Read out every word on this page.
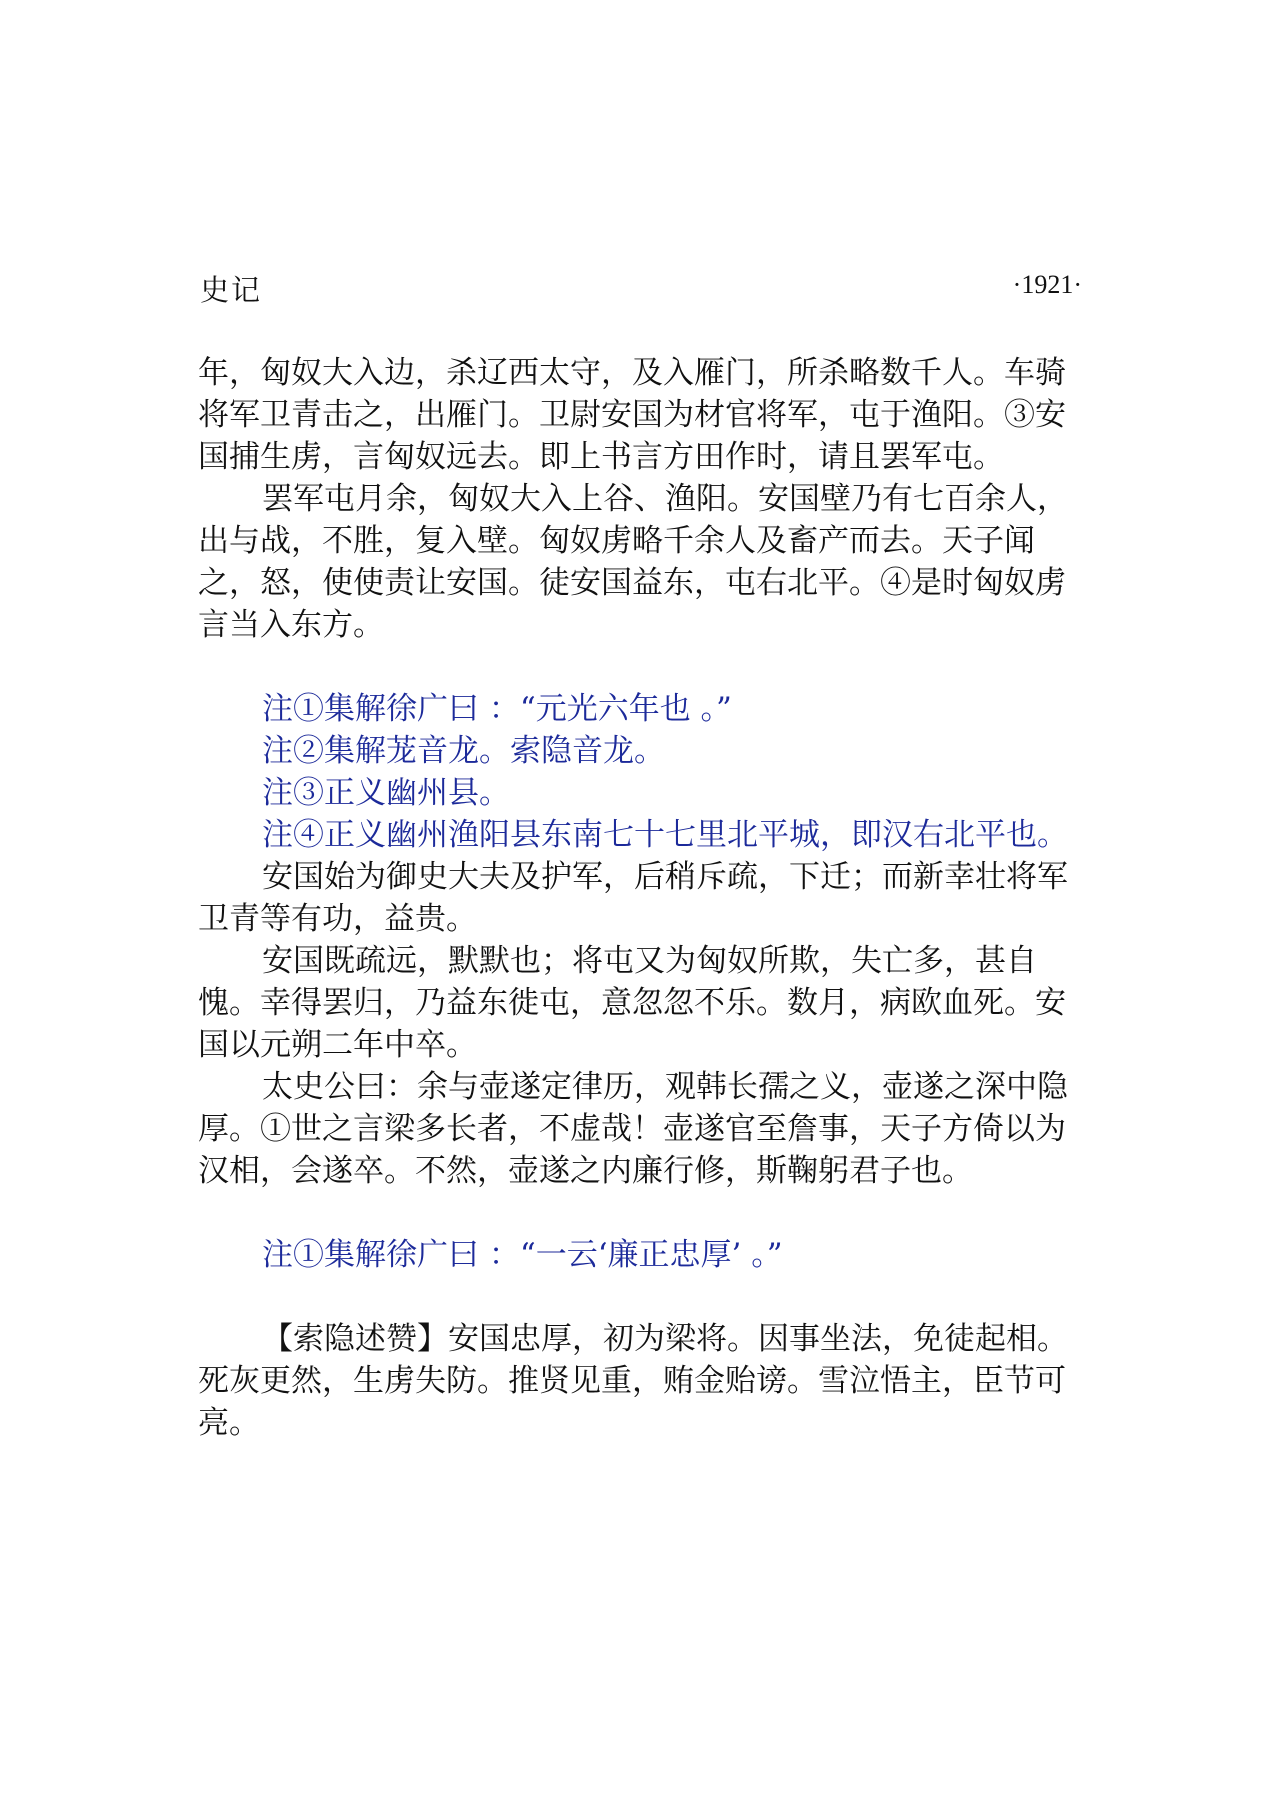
史记	·1921·

年，匈奴大入边，杀辽西太守，及入雁门，所杀略数千人。车骑将军卫青击之，出雁门。卫尉安国为材官将军，屯于渔阳。③安国捕生虏，言匈奴远去。即上书言方田作时，请且罢军屯。

罢军屯月余，匈奴大入上谷、渔阳。安国壁乃有七百余人，出与战，不胜，复入壁。匈奴虏略千余人及畜产而去。天子闻之，怒，使使责让安国。徒安国益东，屯右北平。④是时匈奴虏言当入东方。

注①集解徐广曰 ：“元光六年也 。”

注②集解茏音龙。索隐音龙。

注③正义幽州县。

注④正义幽州渔阳县东南七十七里北平城，即汉右北平也。

安国始为御史大夫及护军，后稍斥疏，下迁；而新幸壮将军卫青等有功，益贵。

安国既疏远，默默也；将屯又为匈奴所欺，失亡多，甚自愧。幸得罢归，乃益东徙屯，意忽忽不乐。数月，病欧血死。安国以元朔二年中卒。

太史公曰：余与壶遂定律历，观韩长孺之义，壶遂之深中隐厚。①世之言梁多长者，不虚哉！壶遂官至詹事，天子方倚以为汉相，会遂卒。不然，壶遂之内廉行修，斯鞠躬君子也。

注①集解徐广曰 ：“一云‘廉正忠厚’ 。”

【索隐述赞】安国忠厚，初为梁将。因事坐法，免徒起相。死灰更然，生虏失防。推贤见重，贿金贻谤。雪泣悟主，臣节可亮。
